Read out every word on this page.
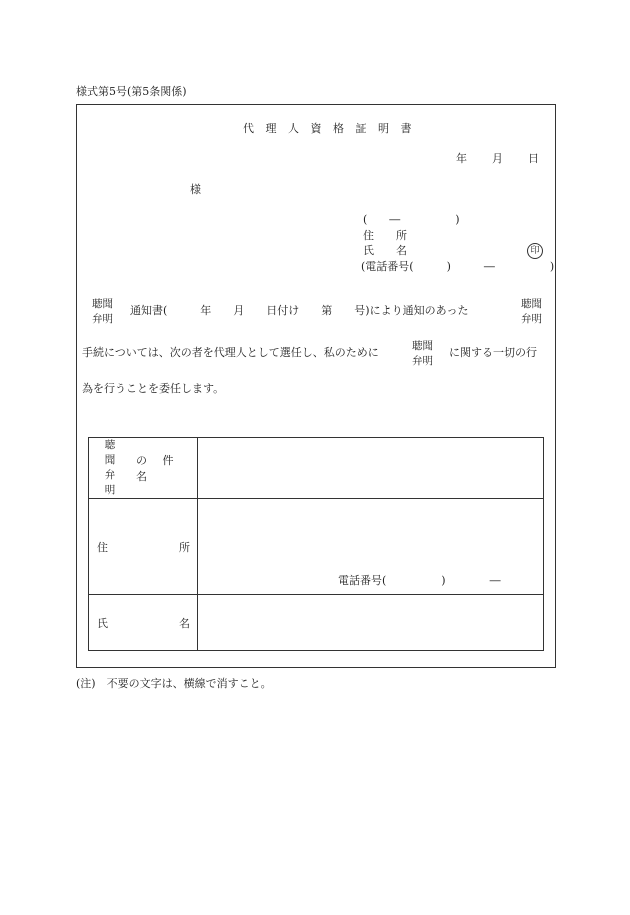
様式第5号(第5条関係)
代 理 人 資 格 証 明 書
年 月 日
様
(　　―　　　　　)
住　　所
氏　　名	印
(電話番号(　　　)　　　―　　　　　)
聴聞
弁明
通知書(　　　年　　月　　日付け　　第　　号)により通知のあった	聴聞
弁明
手続については、次の者を代理人として選任し、私のために	聴聞
弁明
に関する一切の行
為を行うことを委任します。
聴 聞
弁 明
の 件 名	

住 所	電話番号(　　　　　)　　　　―

氏 名	

(注)　不要の文字は、横線で消すこと。
